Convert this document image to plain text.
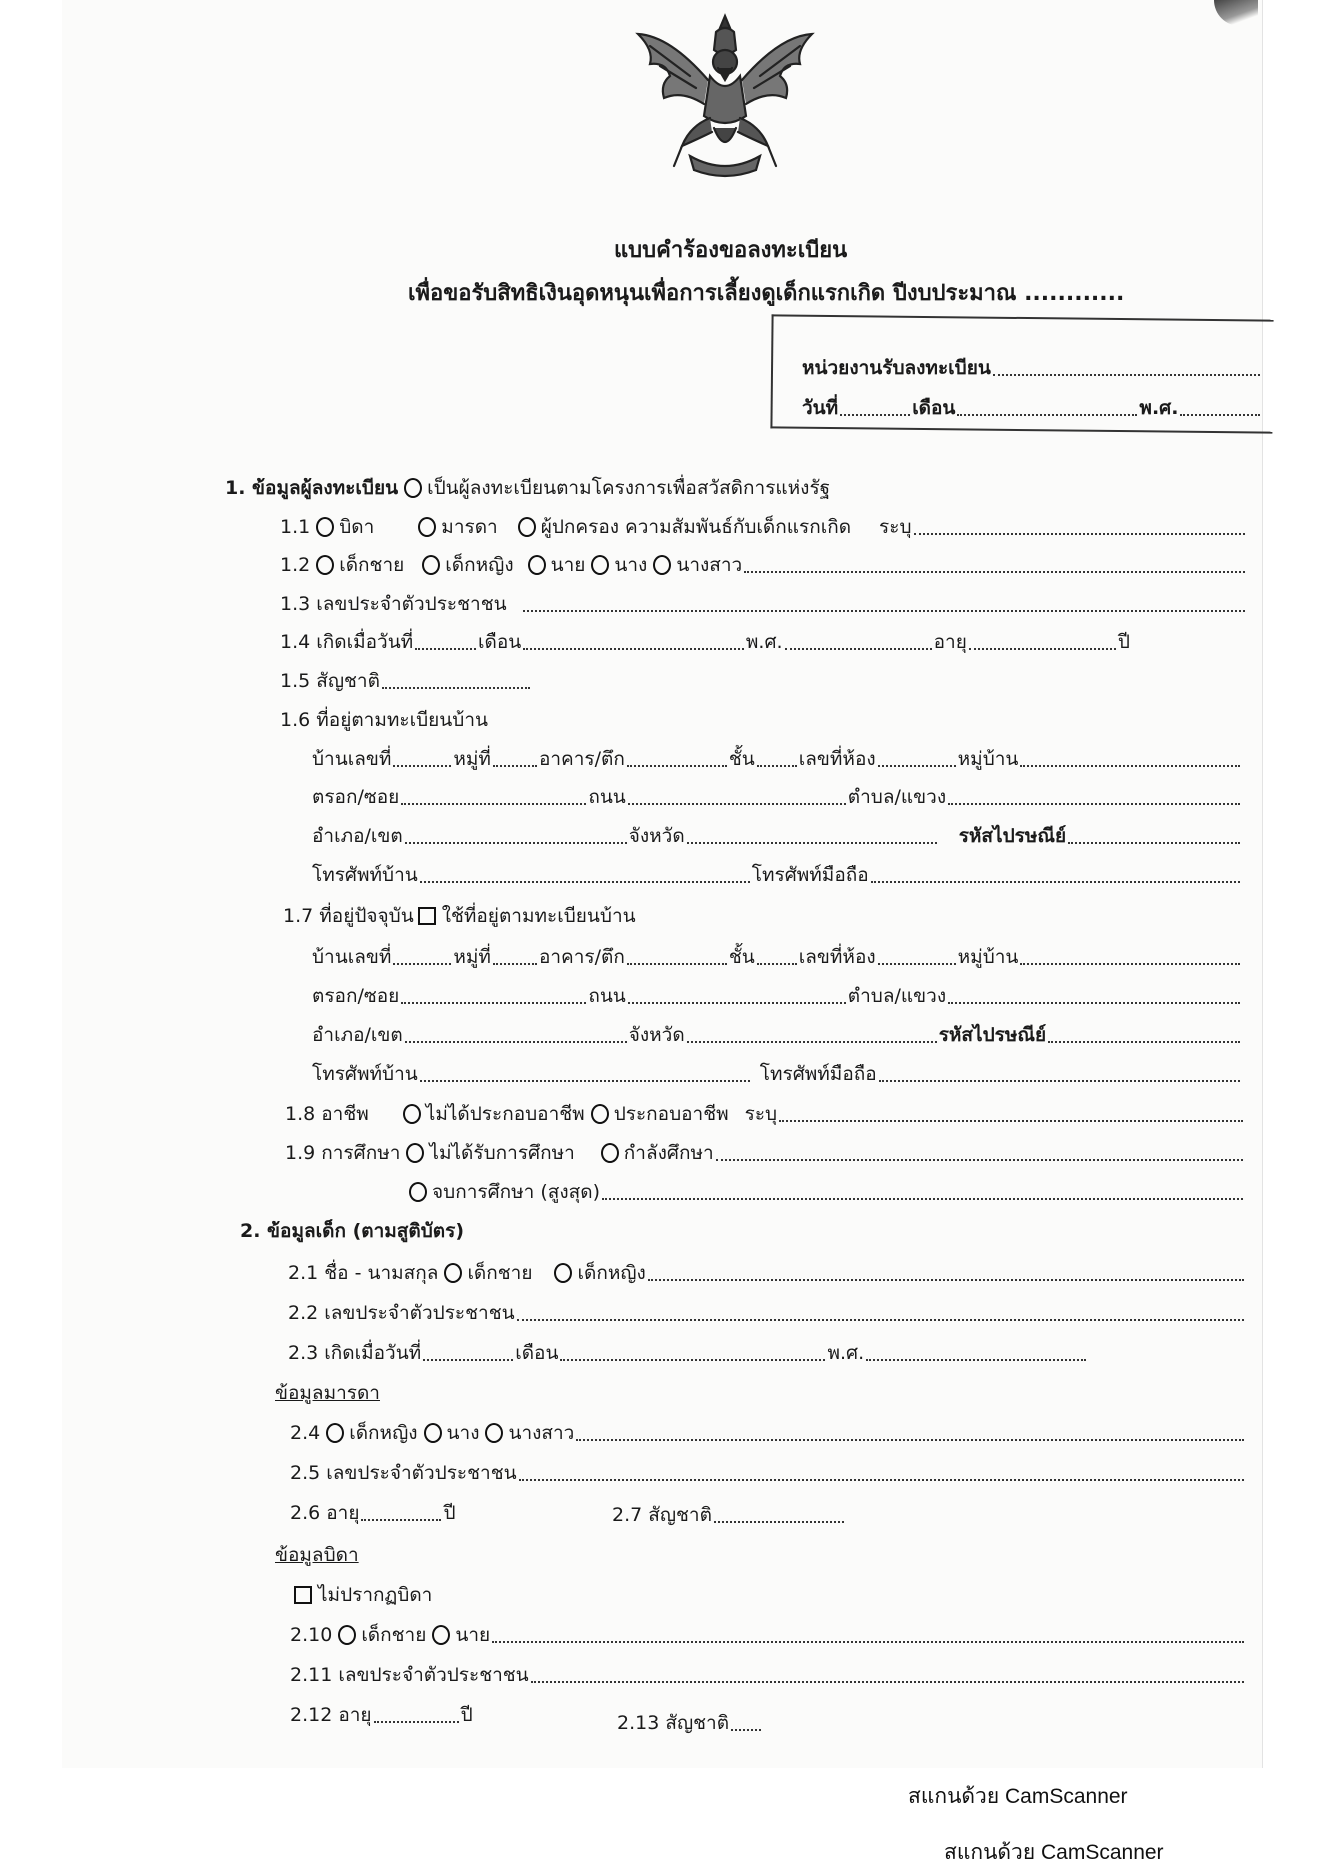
แบบคำร้องขอลงทะเบียน
เพื่อขอรับสิทธิเงินอุดหนุนเพื่อการเลี้ยงดูเด็กแรกเกิด ปีงบประมาณ ............
หน่วยงานรับลงทะเบียน
วันที่	เดือน	พ.ศ.
1. ข้อมูลผู้ลงทะเบียน เป็นผู้ลงทะเบียนตามโครงการเพื่อสวัสดิการแห่งรัฐ
1.1 บิดา	มารดา ผู้ปกครอง ความสัมพันธ์กับเด็กแรกเกิด ระบุ
1.2 เด็กชาย เด็กหญิง นาย นาง นางสาว
1.3 เลขประจำตัวประชาชน
1.4 เกิดเมื่อวันที่	เดือน	พ.ศ.	อายุ	ปี
1.5 สัญชาติ
1.6 ที่อยู่ตามทะเบียนบ้าน
บ้านเลขที่	หมู่ที่	อาคาร/ตึก	ชั้น เลขที่ห้อง	หมู่บ้าน
ตรอก/ซอย	ถนน	ตำบล/แขวง
อำเภอ/เขต	จังหวัด	รหัสไปรษณีย์
โทรศัพท์บ้าน	โทรศัพท์มือถือ
1.7 ที่อยู่ปัจจุบัน ใช้ที่อยู่ตามทะเบียนบ้าน
บ้านเลขที่	หมู่ที่	อาคาร/ตึก	ชั้น เลขที่ห้อง	หมู่บ้าน
ตรอก/ซอย	ถนน	ตำบล/แขวง
อำเภอ/เขต	จังหวัด	รหัสไปรษณีย์
โทรศัพท์บ้าน	โทรศัพท์มือถือ
1.8 อาชีพ	ไม่ได้ประกอบอาชีพ ประกอบอาชีพ ระบุ
1.9 การศึกษา ไม่ได้รับการศึกษา	กำลังศึกษา
จบการศึกษา (สูงสุด)
2. ข้อมูลเด็ก (ตามสูติบัตร)
2.1 ชื่อ - นามสกุล เด็กชาย เด็กหญิง
2.2 เลขประจำตัวประชาชน
2.3 เกิดเมื่อวันที่	เดือน	พ.ศ.
ข้อมูลมารดา
2.4 เด็กหญิง นาง นางสาว
2.5 เลขประจำตัวประชาชน
2.6 อายุ	ปี	2.7 สัญชาติ
ข้อมูลบิดา
ไม่ปรากฏบิดา
2.10 เด็กชาย นาย
2.11 เลขประจำตัวประชาชน
2.12 อายุ	ปี	2.13 สัญชาติ
สแกนด้วย CamScanner
สแกนด้วย CamScanner
